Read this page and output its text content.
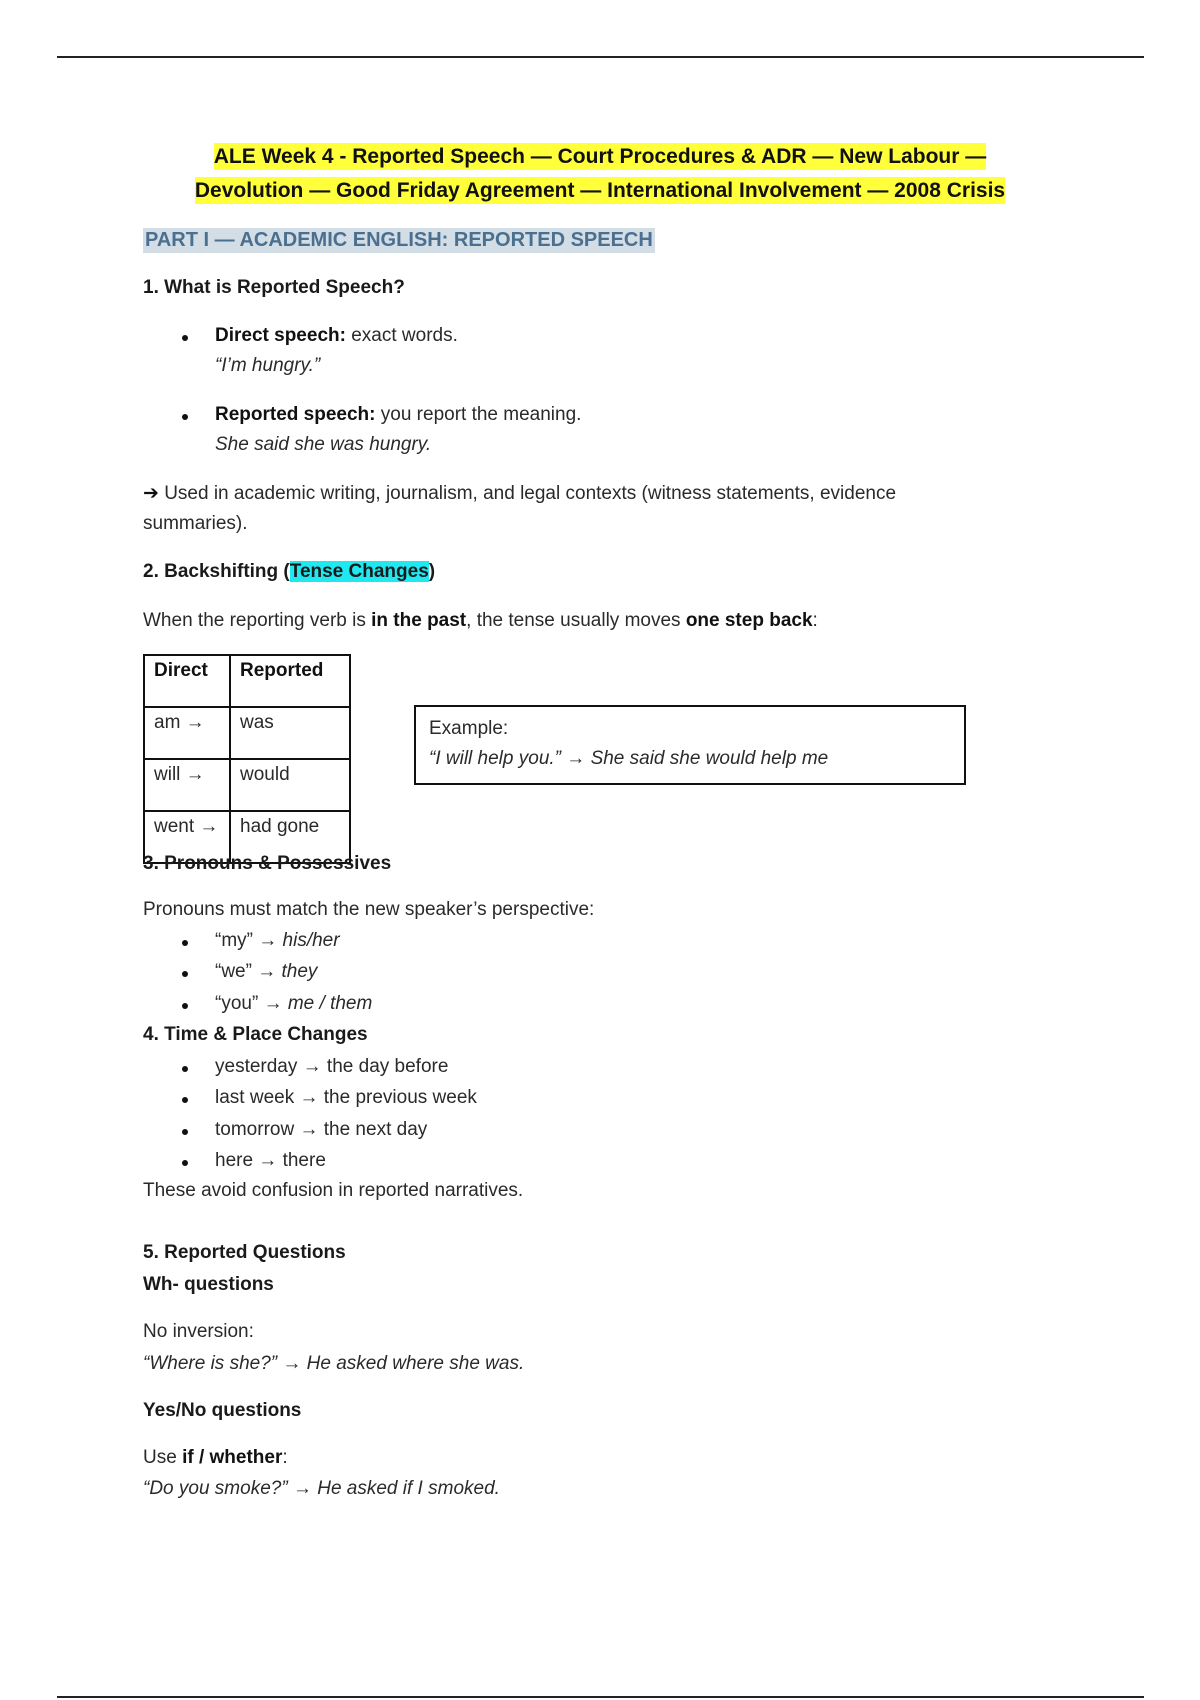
ALE Week 4 - Reported Speech — Court Procedures & ADR — New Labour —
Devolution — Good Friday Agreement — International Involvement — 2008 Crisis
PART I — ACADEMIC ENGLISH: REPORTED SPEECH
1. What is Reported Speech?
Direct speech: exact words.
“I’m hungry.”
Reported speech: you report the meaning.
She said she was hungry.
➔ Used in academic writing, journalism, and legal contexts (witness statements, evidence
summaries).
2. Backshifting (Tense Changes)
When the reporting verb is in the past, the tense usually moves one step back:
Direct	Reported
am →	was
will →	would
went →	had gone
Example:
“I will help you.” → She said she would help me
3. Pronouns & Possessives
Pronouns must match the new speaker’s perspective:
“my” → his/her
“we” → they
“you” → me / them
4. Time & Place Changes
yesterday → the day before
last week → the previous week
tomorrow → the next day
here → there
These avoid confusion in reported narratives.
5. Reported Questions
Wh- questions
No inversion:
“Where is she?” → He asked where she was.
Yes/No questions
Use if / whether:
“Do you smoke?” → He asked if I smoked.
